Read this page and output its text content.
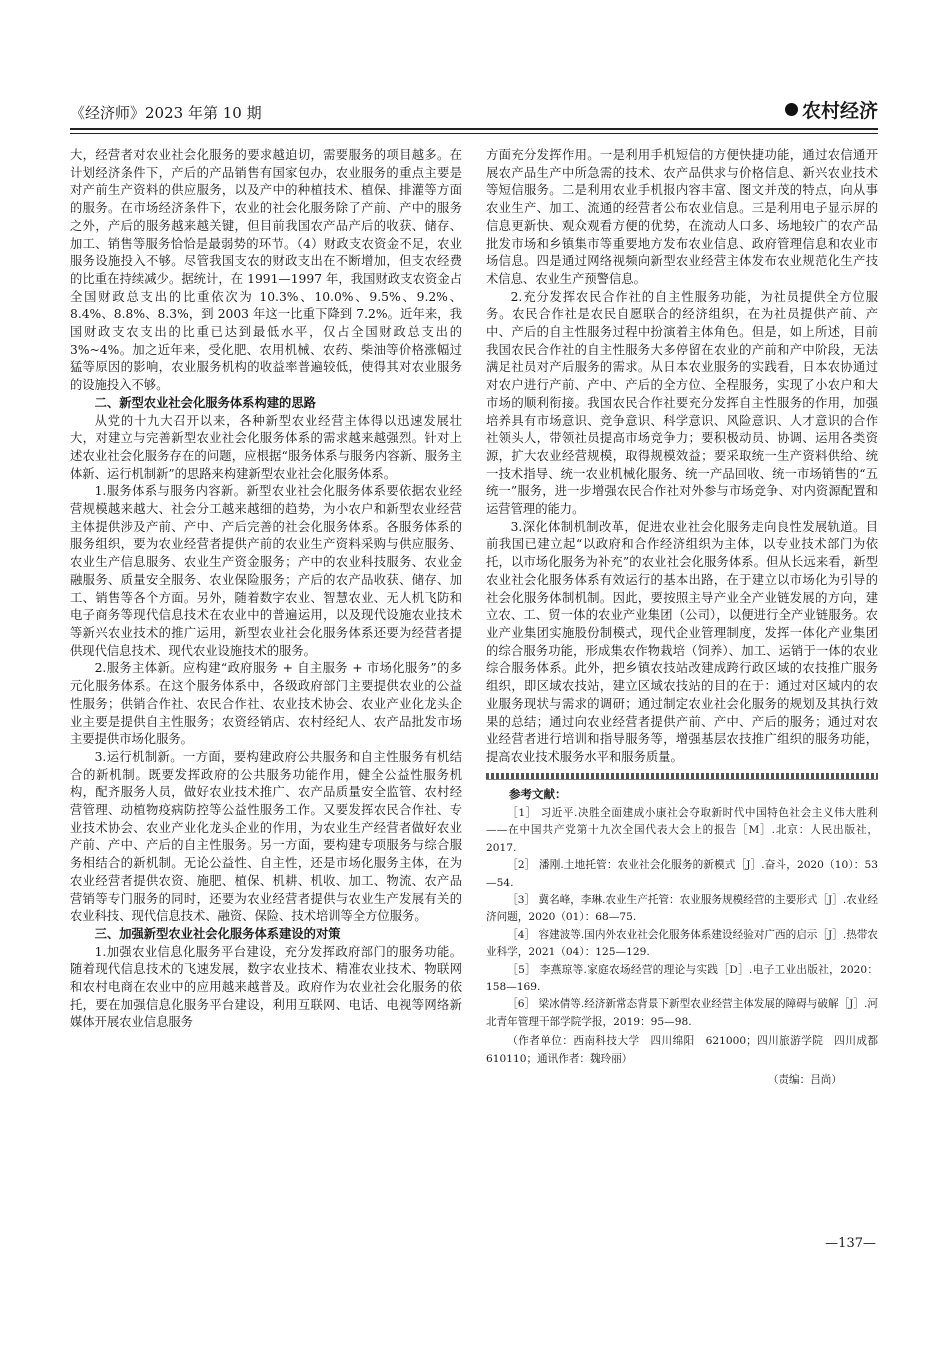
《经济师》2023 年第 10 期	农村经济

大，经营者对农业社会化服务的要求越迫切，需要服务的项目越多。在计划经济条件下，产后的产品销售有国家包办，农业服务的重点主要是对产前生产资料的供应服务，以及产中的种植技术、植保、排灌等方面的服务。在市场经济条件下，农业的社会化服务除了产前、产中的服务之外，产后的服务越来越关键，但目前我国农产品产后的收获、储存、加工、销售等服务恰恰是最弱势的环节。（4）财政支农资金不足，农业服务设施投入不够。尽管我国支农的财政支出在不断增加，但支农经费的比重在持续减少。据统计，在 1991—1997 年，我国财政支农资金占全国财政总支出的比重依次为 10.3%、10.0%、9.5%、9.2%、8.4%、8.8%、8.3%，到 2003 年这一比重下降到 7.2%。近年来，我国财政支农支出的比重已达到最低水平，仅占全国财政总支出的 3%~4%。加之近年来，受化肥、农用机械、农药、柴油等价格涨幅过猛等原因的影响，农业服务机构的收益率普遍较低，使得其对农业服务的设施投入不够。

二、新型农业社会化服务体系构建的思路

从党的十九大召开以来，各种新型农业经营主体得以迅速发展壮大，对建立与完善新型农业社会化服务体系的需求越来越强烈。针对上述农业社会化服务存在的问题，应根据“服务体系与服务内容新、服务主体新、运行机制新”的思路来构建新型农业社会化服务体系。

1.服务体系与服务内容新。新型农业社会化服务体系要依据农业经营规模越来越大、社会分工越来越细的趋势，为小农户和新型农业经营主体提供涉及产前、产中、产后完善的社会化服务体系。各服务体系的服务组织，要为农业经营者提供产前的农业生产资料采购与供应服务、农业生产信息服务、农业生产资金服务；产中的农业科技服务、农业金融服务、质量安全服务、农业保险服务；产后的农产品收获、储存、加工、销售等各个方面。另外，随着数字农业、智慧农业、无人机飞防和电子商务等现代信息技术在农业中的普遍运用，以及现代设施农业技术等新兴农业技术的推广运用，新型农业社会化服务体系还要为经营者提供现代信息技术、现代农业设施技术的服务。

2.服务主体新。应构建“政府服务 + 自主服务 + 市场化服务”的多元化服务体系。在这个服务体系中，各级政府部门主要提供农业的公益性服务；供销合作社、农民合作社、农业技术协会、农业产业化龙头企业主要是提供自主性服务；农资经销店、农村经纪人、农产品批发市场主要提供市场化服务。

3.运行机制新。一方面，要构建政府公共服务和自主性服务有机结合的新机制。既要发挥政府的公共服务功能作用，健全公益性服务机构，配齐服务人员，做好农业技术推广、农产品质量安全监管、农村经营管理、动植物疫病防控等公益性服务工作。又要发挥农民合作社、专业技术协会、农业产业化龙头企业的作用，为农业生产经营者做好农业产前、产中、产后的自主性服务。另一方面，要构建专项服务与综合服务相结合的新机制。无论公益性、自主性，还是市场化服务主体，在为农业经营者提供农资、施肥、植保、机耕、机收、加工、物流、农产品营销等专门服务的同时，还要为农业经营者提供与农业生产发展有关的农业科技、现代信息技术、融资、保险、技术培训等全方位服务。

三、加强新型农业社会化服务体系建设的对策

1.加强农业信息化服务平台建设，充分发挥政府部门的服务功能。随着现代信息技术的飞速发展，数字农业技术、精准农业技术、物联网和农村电商在农业中的应用越来越普及。政府作为农业社会化服务的依托，要在加强信息化服务平台建设，利用互联网、电话、电视等网络新媒体开展农业信息服务

方面充分发挥作用。一是利用手机短信的方便快捷功能，通过农信通开展农产品生产中所急需的技术、农产品供求与价格信息、新兴农业技术等短信服务。二是利用农业手机报内容丰富、图文并茂的特点，向从事农业生产、加工、流通的经营者公布农业信息。三是利用电子显示屏的信息更新快、观众观看方便的优势，在流动人口多、场地较广的农产品批发市场和乡镇集市等重要地方发布农业信息、政府管理信息和农业市场信息。四是通过网络视频向新型农业经营主体发布农业规范化生产技术信息、农业生产预警信息。

2.充分发挥农民合作社的自主性服务功能，为社员提供全方位服务。农民合作社是农民自愿联合的经济组织，在为社员提供产前、产中、产后的自主性服务过程中扮演着主体角色。但是，如上所述，目前我国农民合作社的自主性服务大多停留在农业的产前和产中阶段，无法满足社员对产后服务的需求。从日本农业服务的实践看，日本农协通过对农户进行产前、产中、产后的全方位、全程服务，实现了小农户和大市场的顺利衔接。我国农民合作社要充分发挥自主性服务的作用，加强培养具有市场意识、竞争意识、科学意识、风险意识、人才意识的合作社领头人，带领社员提高市场竞争力；要积极动员、协调、运用各类资源，扩大农业经营规模，取得规模效益；要采取统一生产资料供给、统一技术指导、统一农业机械化服务、统一产品回收、统一市场销售的“五统一”服务，进一步增强农民合作社对外参与市场竞争、对内资源配置和运营管理的能力。

3.深化体制机制改革，促进农业社会化服务走向良性发展轨道。目前我国已建立起“以政府和合作经济组织为主体，以专业技术部门为依托，以市场化服务为补充”的农业社会化服务体系。但从长远来看，新型农业社会化服务体系有效运行的基本出路，在于建立以市场化为引导的社会化服务体制机制。因此，要按照主导产业全产业链发展的方向，建立农、工、贸一体的农业产业集团（公司），以便进行全产业链服务。农业产业集团实施股份制模式，现代企业管理制度，发挥一体化产业集团的综合服务功能，形成集农作物栽培（饲养）、加工、运销于一体的农业综合服务体系。此外，把乡镇农技站改建成跨行政区域的农技推广服务组织，即区域农技站，建立区域农技站的目的在于：通过对区域内的农业服务现状与需求的调研；通过制定农业社会化服务的规划及其执行效果的总结；通过向农业经营者提供产前、产中、产后的服务；通过对农业经营者进行培训和指导服务等，增强基层农技推广组织的服务功能，提高农业技术服务水平和服务质量。

参考文献：

［1］ 习近平.决胜全面建成小康社会夺取新时代中国特色社会主义伟大胜利——在中国共产党第十九次全国代表大会上的报告［M］.北京：人民出版社，2017.

［2］ 潘刚.土地托管：农业社会化服务的新模式［J］.奋斗，2020（10）：53—54.

［3］ 冀名峰，李琳.农业生产托管：农业服务规模经营的主要形式［J］.农业经济问题，2020（01）：68—75.

［4］ 容建波等.国内外农业社会化服务体系建设经验对广西的启示［J］.热带农业科学，2021（04）：125—129.

［5］ 李燕琼等.家庭农场经营的理论与实践［D］.电子工业出版社，2020：158—169.

［6］ 梁冰倩等.经济新常态背景下新型农业经营主体发展的障碍与破解［J］.河北青年管理干部学院学报，2019：95—98.

（作者单位：西南科技大学　四川绵阳　621000；四川旅游学院　四川成都　610110；通讯作者：魏玲丽）

（责编：吕尚）
—137—
